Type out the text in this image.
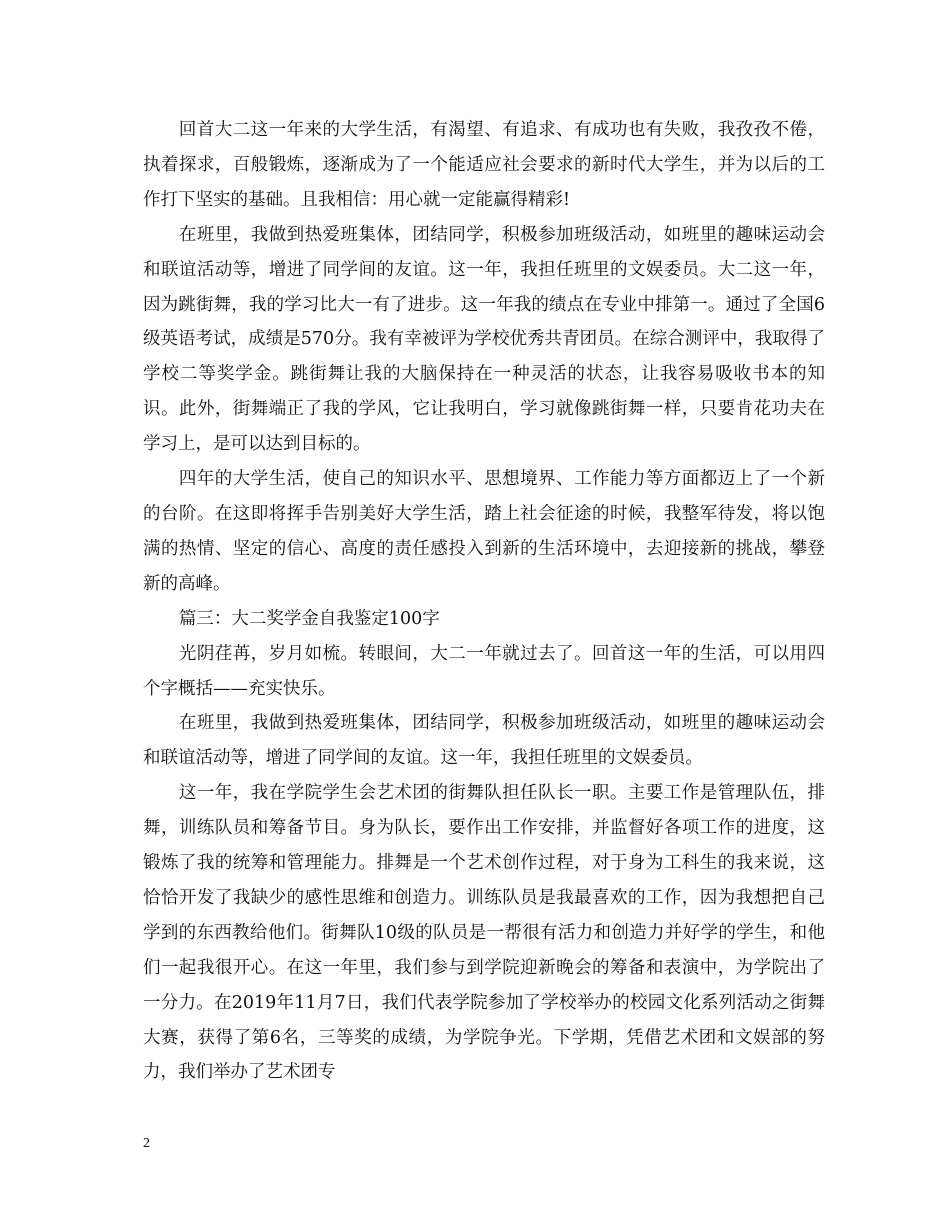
回首大二这一年来的大学生活，有渴望、有追求、有成功也有失败，我孜孜不倦，执着探求，百般锻炼，逐渐成为了一个能适应社会要求的新时代大学生，并为以后的工作打下坚实的基础。且我相信：用心就一定能赢得精彩!

在班里，我做到热爱班集体，团结同学，积极参加班级活动，如班里的趣味运动会和联谊活动等，增进了同学间的友谊。这一年，我担任班里的文娱委员。大二这一年，因为跳街舞，我的学习比大一有了进步。这一年我的绩点在专业中排第一。通过了全国6级英语考试，成绩是570分。我有幸被评为学校优秀共青团员。在综合测评中，我取得了学校二等奖学金。跳街舞让我的大脑保持在一种灵活的状态，让我容易吸收书本的知识。此外，街舞端正了我的学风，它让我明白，学习就像跳街舞一样，只要肯花功夫在学习上，是可以达到目标的。

四年的大学生活，使自己的知识水平、思想境界、工作能力等方面都迈上了一个新的台阶。在这即将挥手告别美好大学生活，踏上社会征途的时候，我整军待发，将以饱满的热情、坚定的信心、高度的责任感投入到新的生活环境中，去迎接新的挑战，攀登新的高峰。

篇三：大二奖学金自我鉴定100字

光阴荏苒，岁月如梳。转眼间，大二一年就过去了。回首这一年的生活，可以用四个字概括——充实快乐。

在班里，我做到热爱班集体，团结同学，积极参加班级活动，如班里的趣味运动会和联谊活动等，增进了同学间的友谊。这一年，我担任班里的文娱委员。

这一年，我在学院学生会艺术团的街舞队担任队长一职。主要工作是管理队伍，排舞，训练队员和筹备节目。身为队长，要作出工作安排，并监督好各项工作的进度，这锻炼了我的统筹和管理能力。排舞是一个艺术创作过程，对于身为工科生的我来说，这恰恰开发了我缺少的感性思维和创造力。训练队员是我最喜欢的工作，因为我想把自己学到的东西教给他们。街舞队10级的队员是一帮很有活力和创造力并好学的学生，和他们一起我很开心。在这一年里，我们参与到学院迎新晚会的筹备和表演中，为学院出了一分力。在2019年11月7日，我们代表学院参加了学校举办的校园文化系列活动之街舞大赛，获得了第6名，三等奖的成绩，为学院争光。下学期，凭借艺术团和文娱部的努力，我们举办了艺术团专

2
